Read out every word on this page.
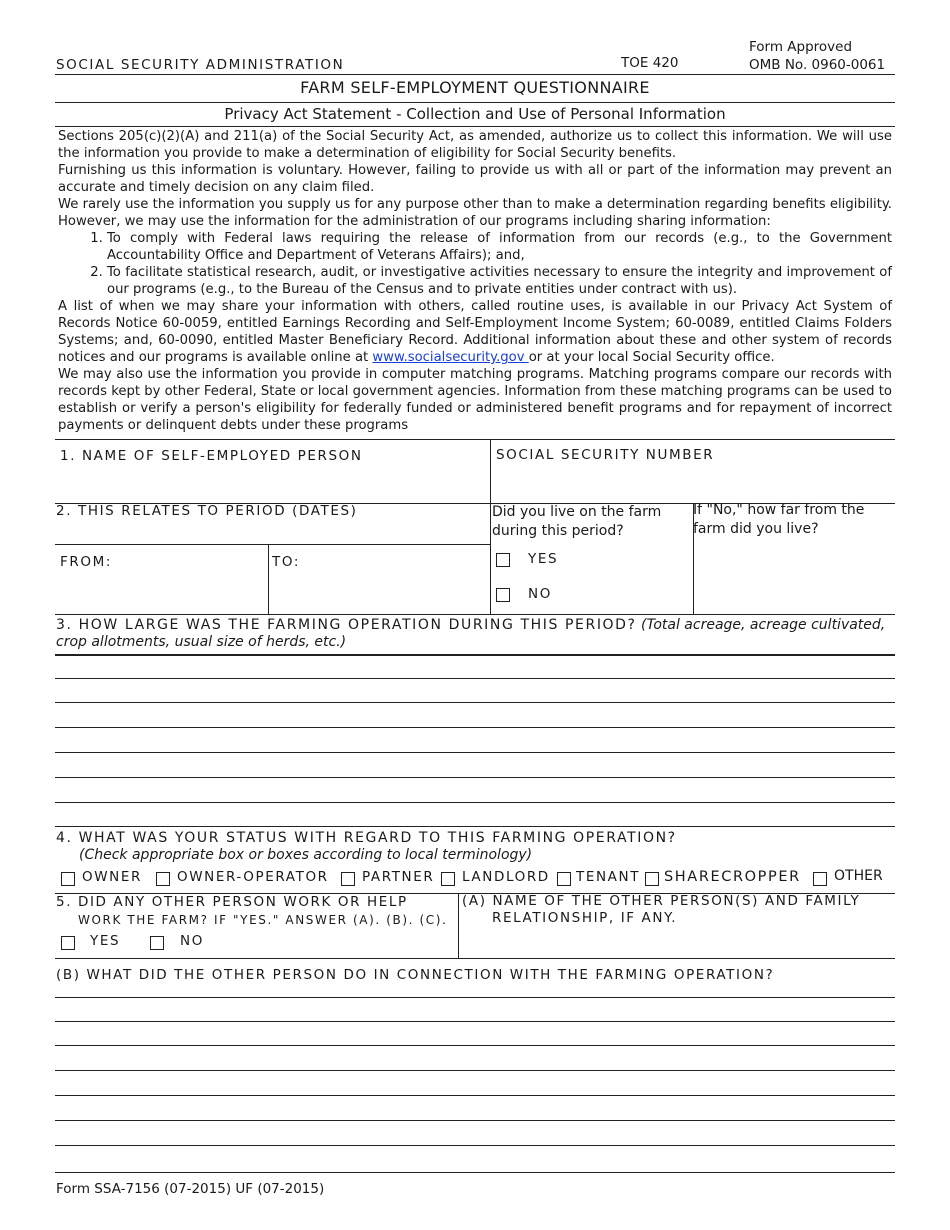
SOCIAL SECURITY ADMINISTRATION	TOE 420
Form Approved
OMB No. 0960-0061
FARM SELF-EMPLOYMENT QUESTIONNAIRE
Privacy Act Statement - Collection and Use of Personal Information

Sections 205(c)(2)(A) and 211(a) of the Social Security Act, as amended, authorize us to collect this information. We will use the information you provide to make a determination of eligibility for Social Security benefits.

Furnishing us this information is voluntary. However, failing to provide us with all or part of the information may prevent an accurate and timely decision on any claim filed.

We rarely use the information you supply us for any purpose other than to make a determination regarding benefits eligibility. However, we may use the information for the administration of our programs including sharing information:

1. To comply with Federal laws requiring the release of information from our records (e.g., to the Government Accountability Office and Department of Veterans Affairs); and,
2. To facilitate statistical research, audit, or investigative activities necessary to ensure the integrity and improvement of our programs (e.g., to the Bureau of the Census and to private entities under contract with us).

A list of when we may share your information with others, called routine uses, is available in our Privacy Act System of Records Notice 60-0059, entitled Earnings Recording and Self-Employment Income System; 60-0089, entitled Claims Folders Systems; and, 60-0090, entitled Master Beneficiary Record. Additional information about these and other system of records notices and our programs is available online at www.socialsecurity.gov or at your local Social Security office.

We may also use the information you provide in computer matching programs. Matching programs compare our records with records kept by other Federal, State or local government agencies. Information from these matching programs can be used to establish or verify a person's eligibility for federally funded or administered benefit programs and for repayment of incorrect payments or delinquent debts under these programs

1. NAME OF SELF-EMPLOYED PERSON	SOCIAL SECURITY NUMBER
2. THIS RELATES TO PERIOD (DATES)
FROM:	TO:
Did you live on the farm during this period?
YES
NO
If "No," how far from the farm did you live?
3. HOW LARGE WAS THE FARMING OPERATION DURING THIS PERIOD? (Total acreage, acreage cultivated, crop allotments, usual size of herds, etc.)
4. WHAT WAS YOUR STATUS WITH REGARD TO THIS FARMING OPERATION?
(Check appropriate box or boxes according to local terminology)
OWNER	OWNER-OPERATOR PARTNER LANDLORD TENANT SHARECROPPER OTHER
5. DID ANY OTHER PERSON WORK OR HELP
WORK THE FARM? IF "YES." ANSWER (A). (B). (C).
YES	NO
(A) NAME OF THE OTHER PERSON(S) AND FAMILY
RELATIONSHIP, IF ANY.
(B) WHAT DID THE OTHER PERSON DO IN CONNECTION WITH THE FARMING OPERATION?
Form SSA-7156 (07-2015) UF (07-2015)
